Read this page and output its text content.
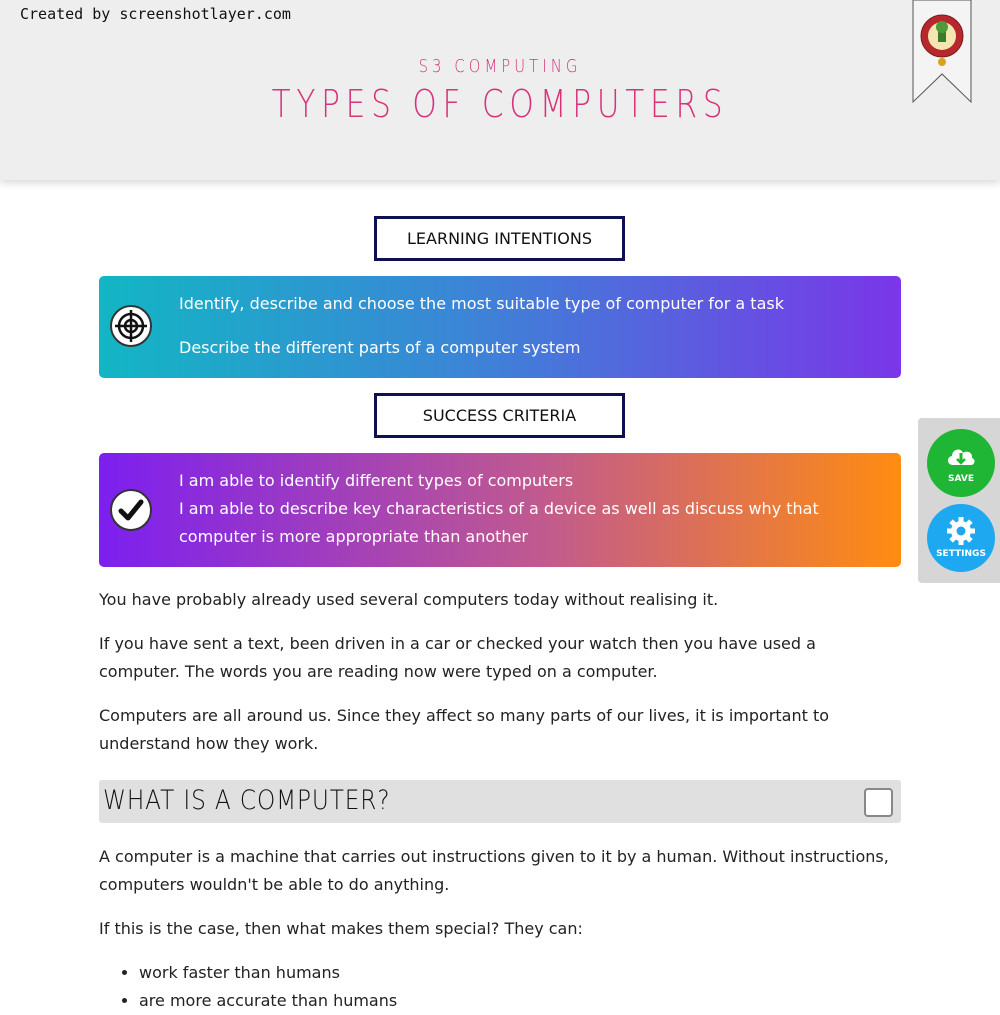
Created by screenshotlayer.com
S3 COMPUTING
TYPES OF COMPUTERS
LEARNING INTENTIONS
Identify, describe and choose the most suitable type of computer for a task
Describe the different parts of a computer system
SUCCESS CRITERIA
I am able to identify different types of computers
I am able to describe key characteristics of a device as well as discuss why that computer is more appropriate than another
You have probably already used several computers today without realising it.
If you have sent a text, been driven in a car or checked your watch then you have used a computer. The words you are reading now were typed on a computer.
Computers are all around us. Since they affect so many parts of our lives, it is important to understand how they work.
WHAT IS A COMPUTER?
A computer is a machine that carries out instructions given to it by a human. Without instructions, computers wouldn't be able to do anything.
If this is the case, then what makes them special? They can:
• work faster than humans
• are more accurate than humans
SAVE
SETTINGS
